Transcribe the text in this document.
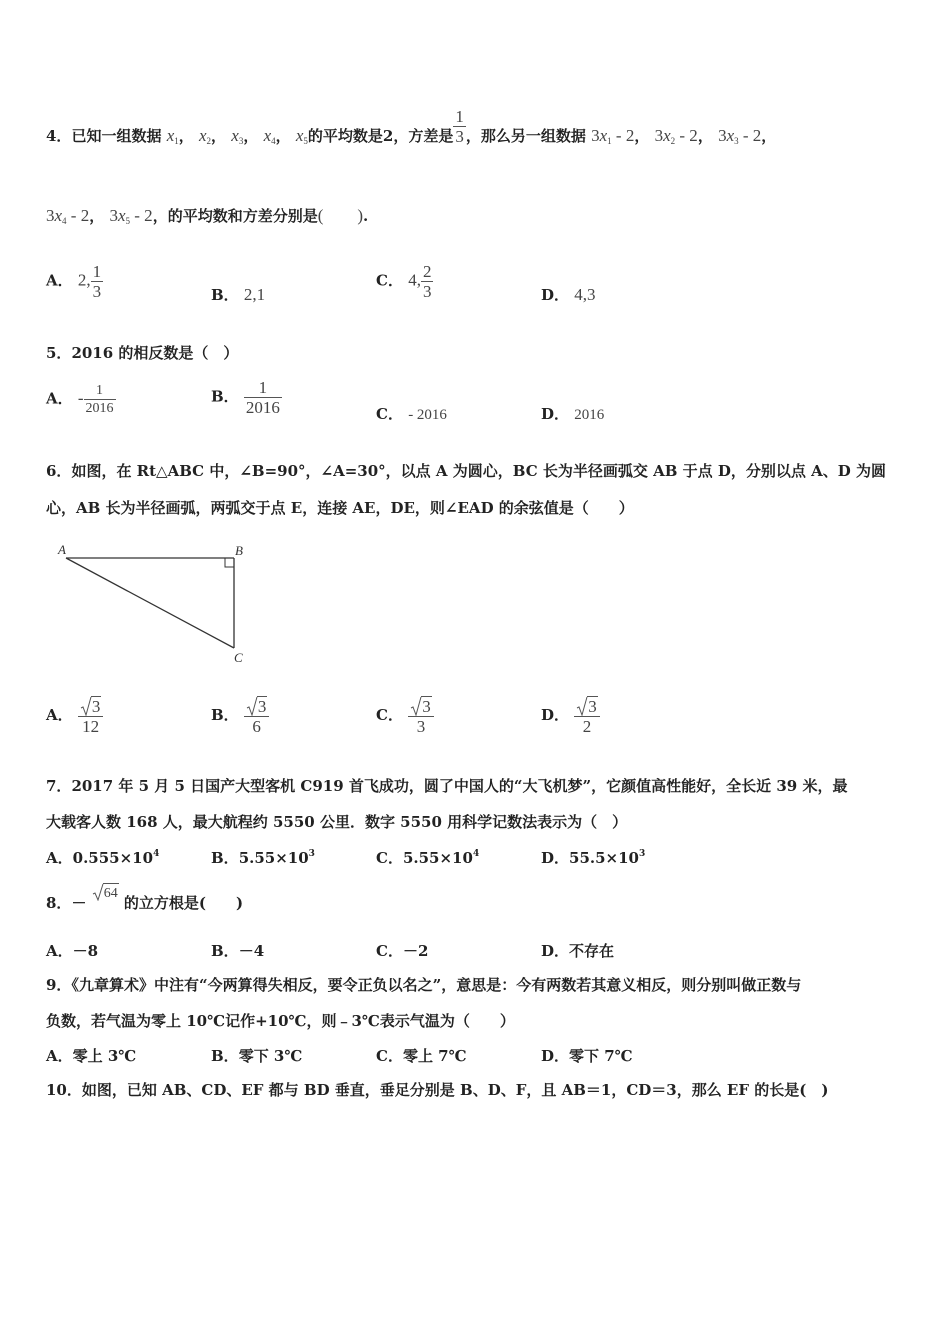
4．已知一组数据 $x_1$， $x_2$， $x_3$， $x_4$， $x_5$的平均数是2，方差是 $\frac{1}{3}$ ，那么另一组数据 $3x_1 - 2$， $3x_2 - 2$， $3x_3 - 2$，
$3x_4 - 2$， $3x_5 - 2$，的平均数和方差分别是(　　).
A． 2, $\frac{1}{3}$	B． 2,1
C． 4, $\frac{2}{3}$	D． 4,3
5．2016 的相反数是（　）
A． - $\frac{1}{2016}$	B． $\frac{1}{2016}$	C． - 2016	D． 2016
6．如图，在 Rt△ABC 中，∠B=90°，∠A=30°，以点 A 为圆心，BC 长为半径画弧交 AB 于点 D，分别以点 A、D 为圆
心，AB 长为半径画弧，两弧交于点 E，连接 AE，DE，则∠EAD 的余弦值是（　　）
A	B
C
A． $\frac{3}{12}$	B． $\frac{3}{6}$	C． $\frac{3}{3}$	D． $\frac{3}{2}$
7．2017 年 5 月 5 日国产大型客机 C919 首飞成功，圆了中国人的“大飞机梦”，它颜值高性能好，全长近 39 米，最
大载客人数 168 人，最大航程约 5550 公里．数字 5550 用科学记数法表示为（　）
A．$0.555\times 10^4$	B．$5.55\times 10^3$	C．$5.55\times 10^4$	D．$55.5\times 10^3$
8．－
64 的立方根是(　　)
A．－8	B．－4	C．－2	D．不存在
9．《九章算术》中注有“今两算得失相反，要令正负以名之”，意思是：今有两数若其意义相反，则分别叫做正数与
负数，若气温为零上 10℃记作+10℃，则﹣3℃表示气温为（　　）
A．零上 3℃	B．零下 3℃	C．零上 7℃	D．零下 7℃
10．如图，已知 AB、CD、EF 都与 BD 垂直，垂足分别是 B、D、F，且 AB＝1，CD＝3，那么 EF 的长是(　)
